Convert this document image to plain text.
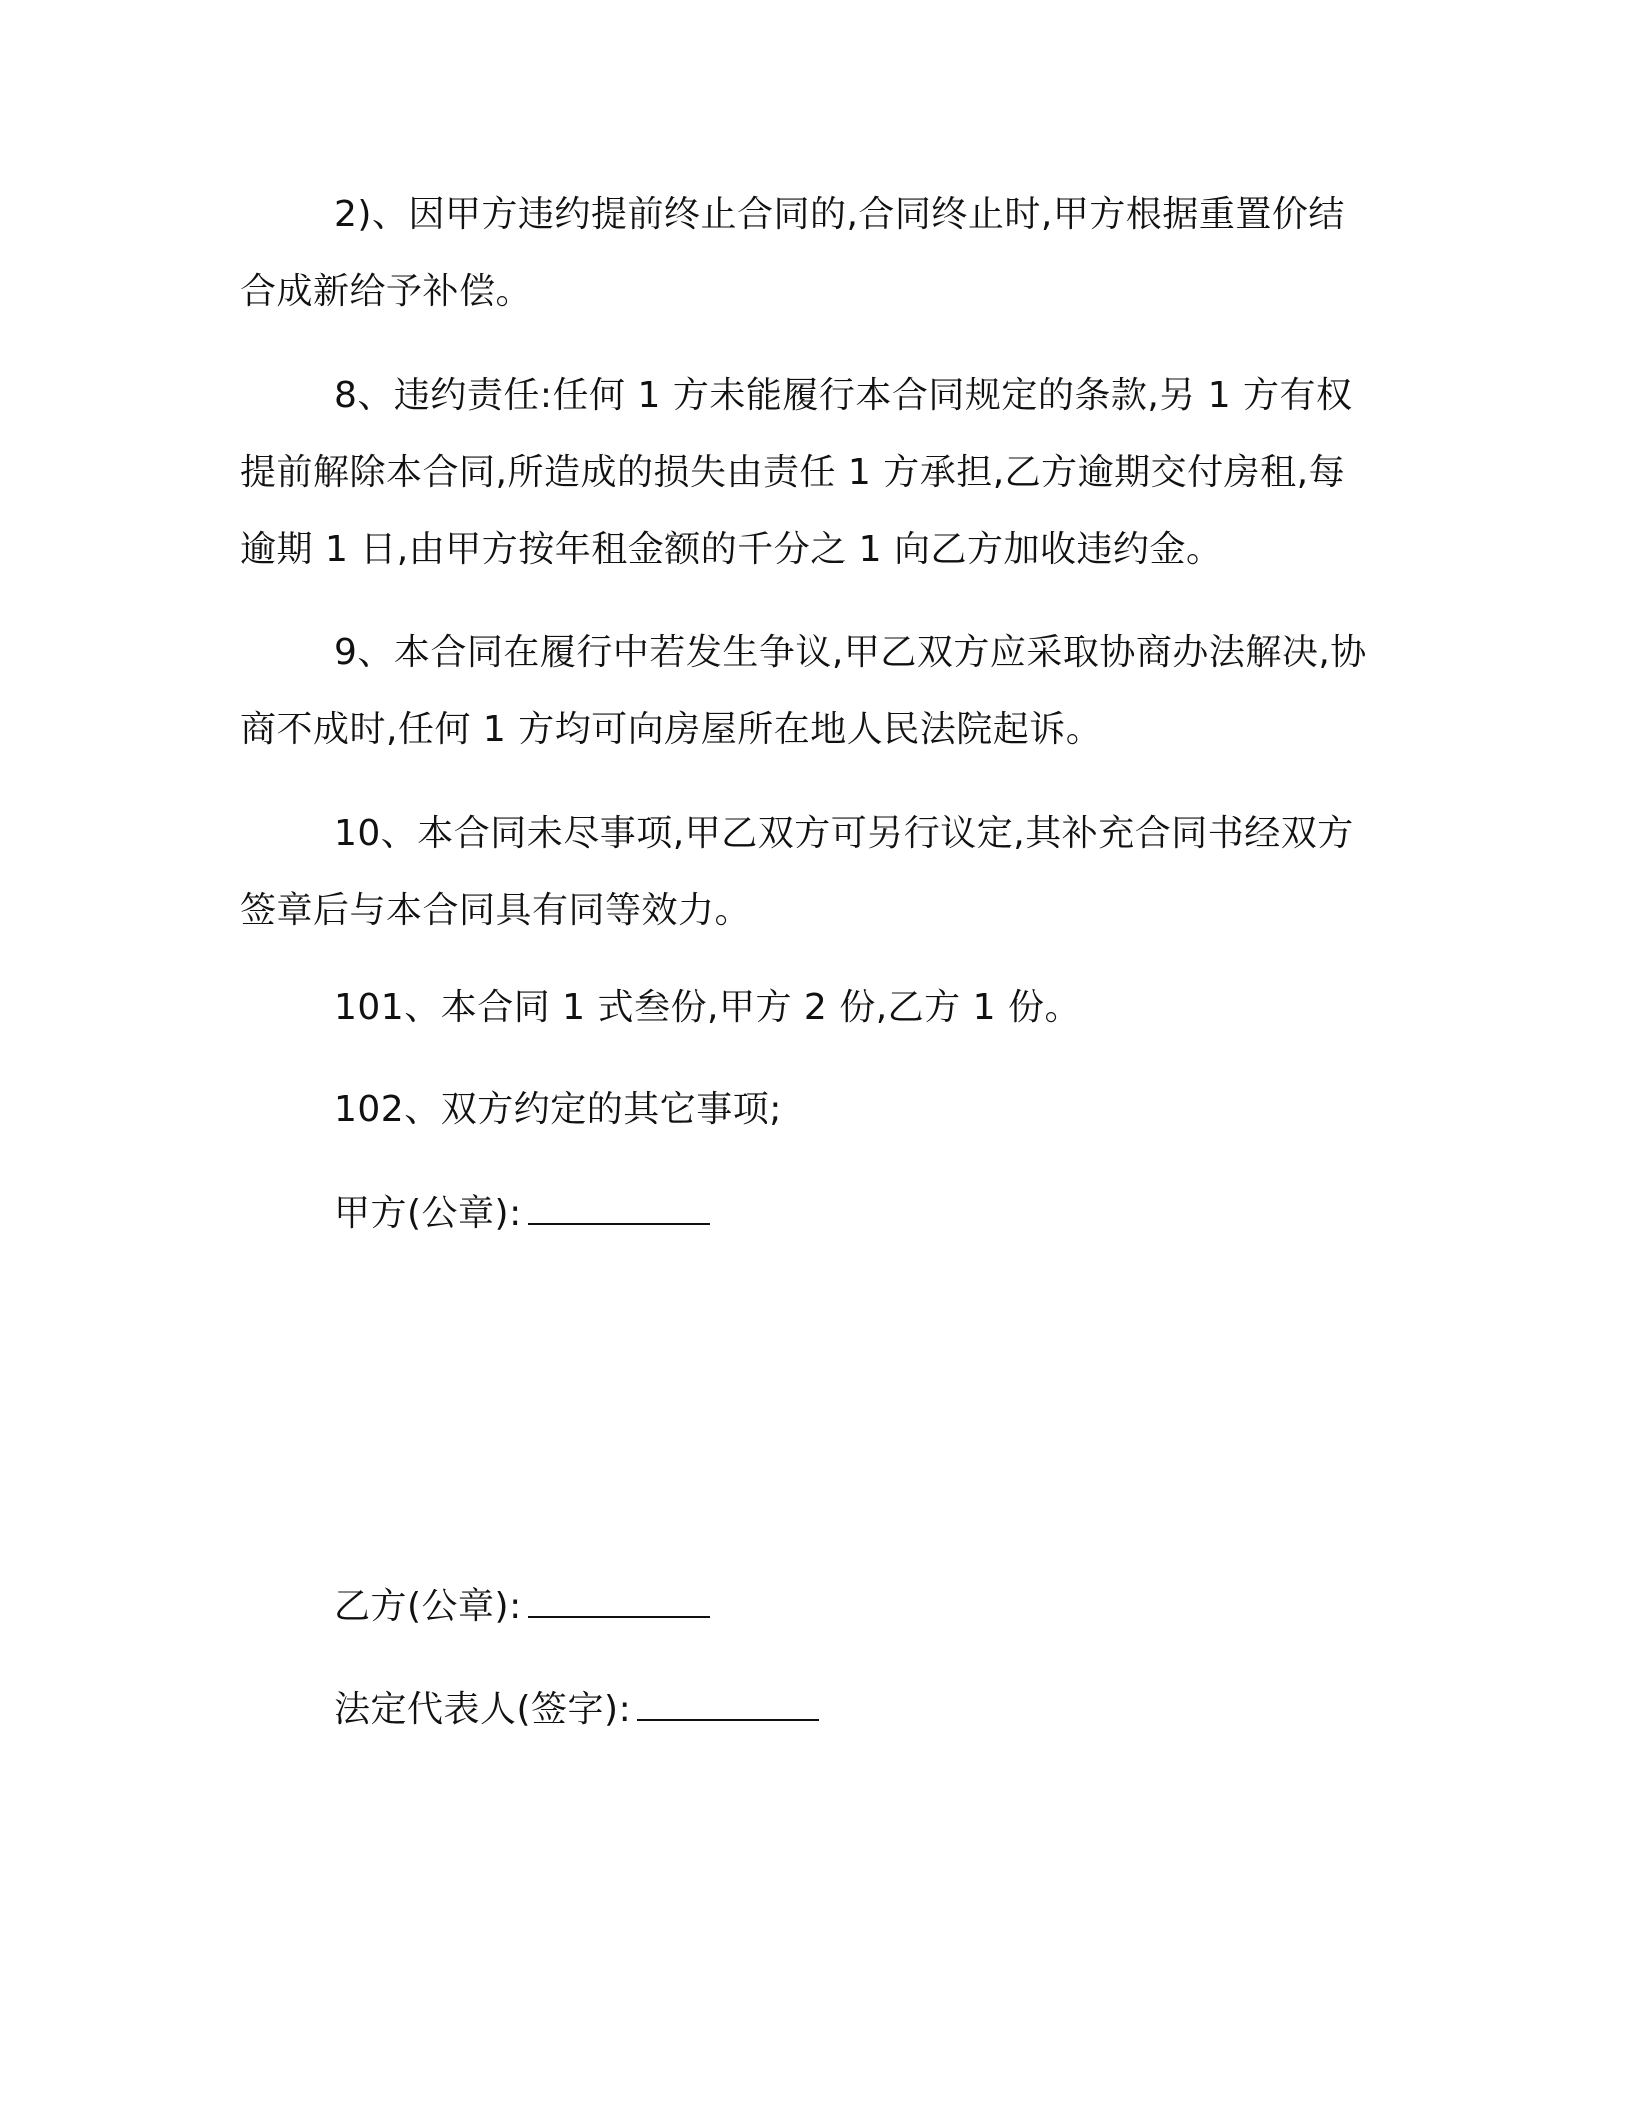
2)、因甲方违约提前终止合同的,合同终止时,甲方根据重置价结合成新给予补偿。

8、违约责任:任何 1 方未能履行本合同规定的条款,另 1 方有权提前解除本合同,所造成的损失由责任 1 方承担,乙方逾期交付房租,每逾期 1 日,由甲方按年租金额的千分之 1 向乙方加收违约金。

9、本合同在履行中若发生争议,甲乙双方应采取协商办法解决,协商不成时,任何 1 方均可向房屋所在地人民法院起诉。

10、本合同未尽事项,甲乙双方可另行议定,其补充合同书经双方签章后与本合同具有同等效力。

101、本合同 1 式叁份,甲方 2 份,乙方 1 份。

102、双方约定的其它事项;

甲方(公章):
乙方(公章):
法定代表人(签字):
